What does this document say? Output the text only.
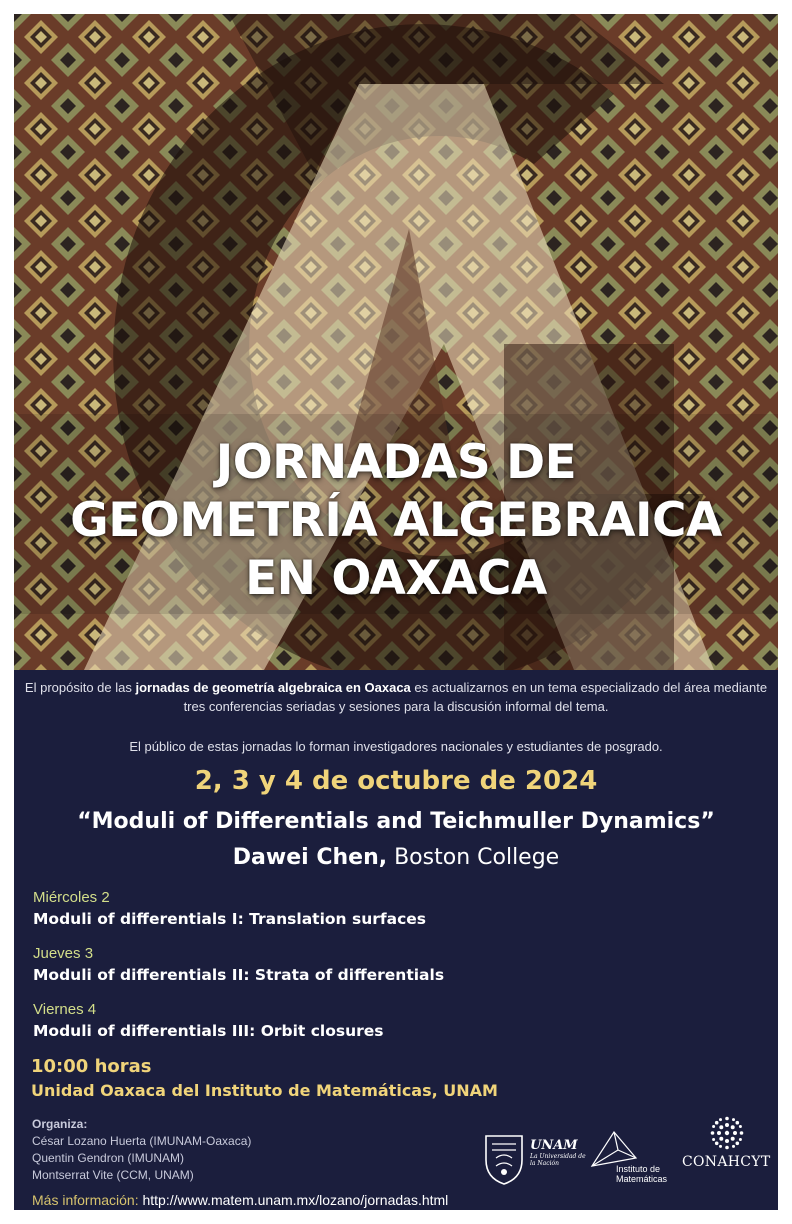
JORNADAS DE
GEOMETRÍA ALGEBRAICA
EN OAXACA
El propósito de las jornadas de geometría algebraica en Oaxaca es actualizarnos en un tema especializado del área mediante tres conferencias seriadas y sesiones para la discusión informal del tema.
El público de estas jornadas lo forman investigadores nacionales y estudiantes de posgrado.
2, 3 y 4 de octubre de 2024
“Moduli of Differentials and Teichmuller Dynamics”
Dawei Chen, Boston College
Miércoles 2
Moduli of differentials I: Translation surfaces
Jueves 3
Moduli of differentials II: Strata of differentials
Viernes 4
Moduli of differentials III: Orbit closures
10:00 horas
Unidad Oaxaca del Instituto de Matemáticas, UNAM
Organiza:
César Lozano Huerta (IMUNAM-Oaxaca)
Quentin Gendron (IMUNAM)
Montserrat Vite (CCM, UNAM)
Más información: http://www.matem.unam.mx/lozano/jornadas.html
UNAM
La Universidad de la Nación
Instituto de Matemáticas
CONAHCYT
